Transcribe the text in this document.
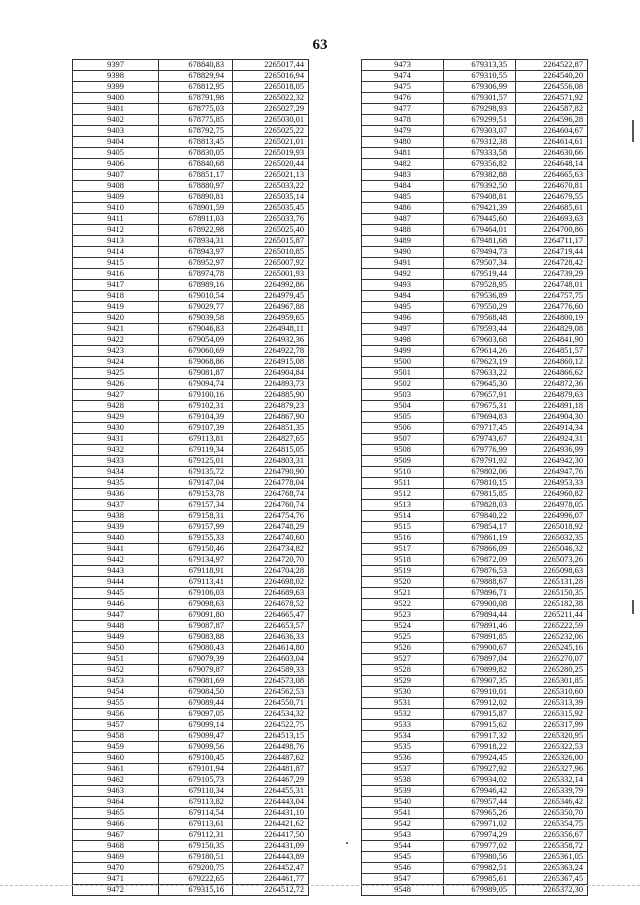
63
9397	678840,83	2265017,44
9398	678829,94	2265016,94
9399	678812,95	2265018,05
9400	678791,98	2265022,32
9401	678775,03	2265027,29
9402	678775,85	2265030,01
9403	678792,75	2265025,22
9404	678813,45	2265021,01
9405	678830,05	2265019,93
9406	678840,68	2265020,44
9407	678851,17	2265021,13
9408	678880,97	2265033,22
9409	678890,81	2265035,14
9410	678901,59	2265035,45
9411	678911,03	2265033,76
9412	678922,98	2265025,40
9413	678934,31	2265015,87
9414	678943,97	2265010,85
9415	678952,97	2265007,92
9416	678974,78	2265001,93
9417	678989,16	2264992,86
9418	679010,54	2264979,45
9419	679029,77	2264967,88
9420	679039,58	2264959,65
9421	679046,83	2264948,11
9422	679054,09	2264932,36
9423	679060,69	2264922,78
9424	679068,86	2264915,08
9425	679081,87	2264904,84
9426	679094,74	2264893,73
9427	679100,16	2264885,90
9428	679102,31	2264879,23
9429	679104,39	2264867,90
9430	679107,39	2264851,35
9431	679113,81	2264827,65
9432	679119,34	2264815,05
9433	679125,01	2264803,31
9434	679135,72	2264790,90
9435	679147,04	2264778,04
9436	679153,78	2264768,74
9437	679157,34	2264760,74
9438	679158,31	2264754,76
9439	679157,99	2264748,29
9440	679155,33	2264740,60
9441	679150,46	2264734,82
9442	679134,97	2264720,70
9443	679118,91	2264704,28
9444	679113,41	2264698,02
9445	679106,03	2264689,63
9446	679098,63	2264678,52
9447	679091,80	2264665,47
9448	679087,87	2264653,57
9449	679083,88	2264636,33
9450	679080,43	2264614,80
9451	679079,39	2264603,04
9452	679079,87	2264589,33
9453	679081,69	2264573,08
9454	679084,50	2264562,53
9455	679089,44	2264550,71
9456	679097,05	2264534,32
9457	679099,14	2264522,75
9458	679099,47	2264513,15
9459	679099,56	2264498,76
9460	679100,45	2264487,62
9461	679101,94	2264481,87
9462	679105,73	2264467,29
9463	679110,34	2264455,31
9464	679113,82	2264443,04
9465	679114,54	2264431,10
9466	679113,61	2264421,62
9467	679112,31	2264417,50
9468	679150,35	2264431,09
9469	679180,51	2264443,89
9470	679200,75	2264452,47
9471	679222,65	2264461,77
9472	679315,16	2264512,72
9473	679313,35	2264522,87
9474	679310,55	2264540,20
9475	679306,99	2264556,08
9476	679301,57	2264571,92
9477	679298,93	2264587,82
9478	679299,51	2264596,28
9479	679303,07	2264604,67
9480	679312,38	2264614,61
9481	679333,58	2264630,66
9482	679356,82	2264648,14
9483	679382,88	2264665,63
9484	679392,50	2264670,81
9485	679408,81	2264679,55
9486	679421,39	2264685,61
9487	679445,60	2264693,63
9488	679464,01	2264700,86
9489	679481,68	2264711,17
9490	679494,73	2264719,44
9491	679507,34	2264728,42
9492	679519,44	2264739,29
9493	679528,95	2264748,01
9494	679536,89	2264757,75
9495	679550,29	2264776,60
9496	679568,48	2264800,19
9497	679593,44	2264829,08
9498	679603,68	2264841,90
9499	679614,26	2264851,57
9500	679623,19	2264860,12
9501	679633,22	2264866,62
9502	679645,30	2264872,36
9503	679657,91	2264879,63
9504	679675,31	2264891,18
9505	679694,83	2264904,30
9506	679717,45	2264914,34
9507	679743,67	2264924,31
9508	679776,99	2264936,99
9509	679791,92	2264942,30
9510	679802,06	2264947,76
9511	679810,15	2264953,33
9512	679815,85	2264960,82
9513	679828,03	2264978,05
9514	679840,22	2264996,07
9515	679854,17	2265018,92
9516	679861,19	2265032,35
9517	679866,09	2265046,32
9518	679872,09	2265073,26
9519	679876,53	2265098,63
9520	679888,67	2265131,28
9521	679896,71	2265150,35
9522	679900,08	2265182,38
9523	679894,44	2265211,44
9524	679891,46	2265222,59
9525	679891,85	2265232,06
9526	679900,67	2265245,16
9527	679897,04	2265270,07
9528	679899,82	2265280,25
9529	679907,35	2265301,85
9530	679910,01	2265310,60
9531	679912,02	2265313,39
9532	679915,87	2265315,92
9533	679915,62	2265317,99
9534	679917,32	2265320,95
9535	679918,22	2265322,53
9536	679924,45	2265326,00
9537	679927,92	2265327,96
9538	679934,02	2265332,14
9539	679946,42	2265339,79
9540	679957,44	2265346,42
9541	679965,26	2265350,70
9542	679971,02	2265354,75
9543	679974,29	2265356,67
9544	679977,02	2265358,72
9545	679980,56	2265361,05
9546	679982,51	2265363,24
9547	679985,61	2265367,45
9548	679989,05	2265372,30
